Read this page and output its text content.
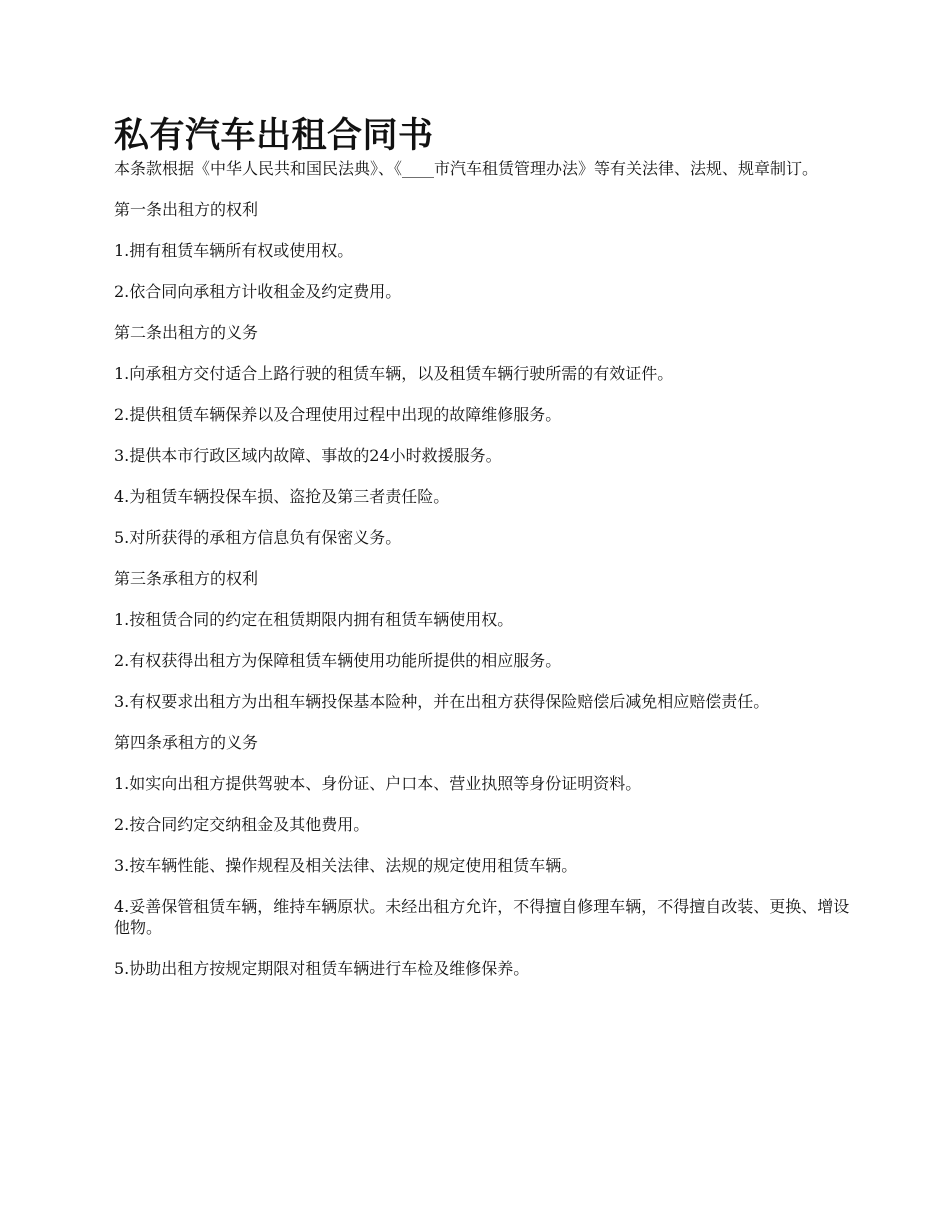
私有汽车出租合同书

本条款根据《中华人民共和国民法典》、《____市汽车租赁管理办法》等有关法律、法规、规章制订。

第一条出租方的权利

1.拥有租赁车辆所有权或使用权。

2.依合同向承租方计收租金及约定费用。

第二条出租方的义务

1.向承租方交付适合上路行驶的租赁车辆，以及租赁车辆行驶所需的有效证件。

2.提供租赁车辆保养以及合理使用过程中出现的故障维修服务。

3.提供本市行政区域内故障、事故的24小时救援服务。

4.为租赁车辆投保车损、盗抢及第三者责任险。

5.对所获得的承租方信息负有保密义务。

第三条承租方的权利

1.按租赁合同的约定在租赁期限内拥有租赁车辆使用权。

2.有权获得出租方为保障租赁车辆使用功能所提供的相应服务。

3.有权要求出租方为出租车辆投保基本险种，并在出租方获得保险赔偿后减免相应赔偿责任。

第四条承租方的义务

1.如实向出租方提供驾驶本、身份证、户口本、营业执照等身份证明资料。

2.按合同约定交纳租金及其他费用。

3.按车辆性能、操作规程及相关法律、法规的规定使用租赁车辆。

4.妥善保管租赁车辆，维持车辆原状。未经出租方允许，不得擅自修理车辆，不得擅自改装、更换、增设他物。

5.协助出租方按规定期限对租赁车辆进行车检及维修保养。
